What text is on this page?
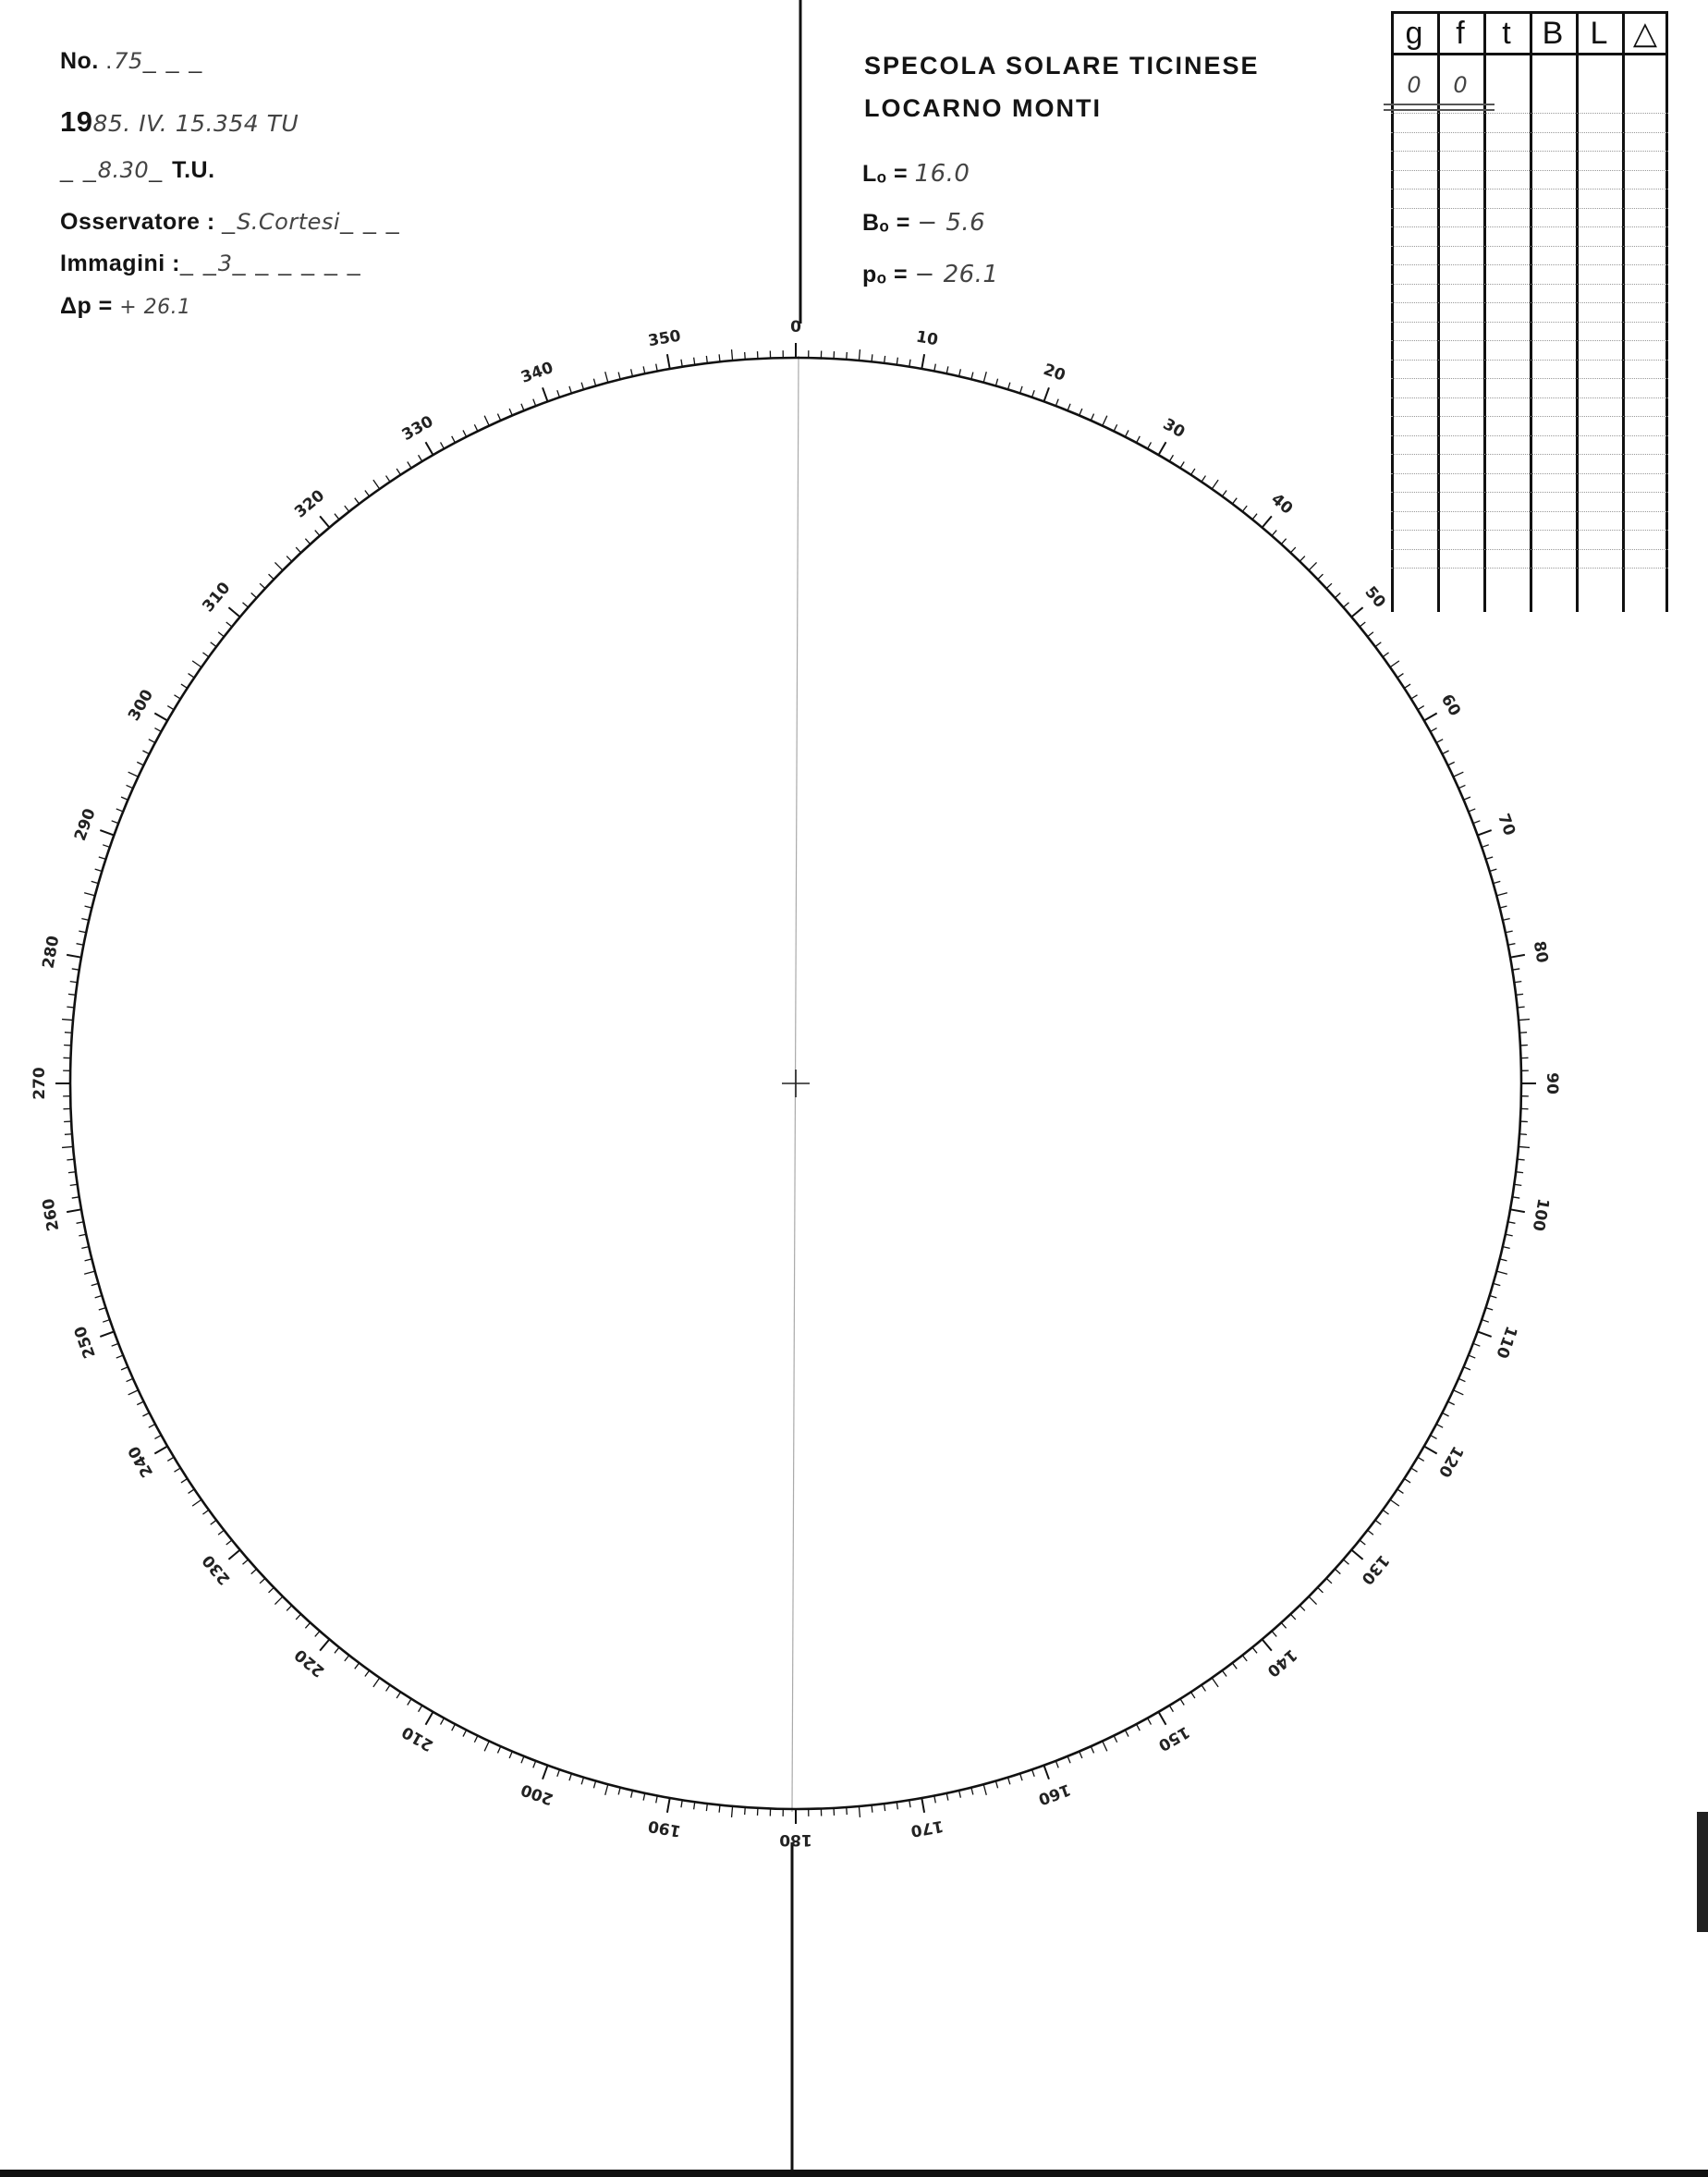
No. .75_ _ _
1985. IV. 15.354 TU
_ _8.30_ T.U.
Osservatore : _S.Cortesi_ _ _
Immagini :_ _3_ _ _ _ _ _
Δp = + 26.1
SPECOLA SOLARE TICINESE
LOCARNO MONTI
Lₒ = 16.0
Bₒ = − 5.6
pₒ = − 26.1
g	f	t B L △
0	0
0
10
20
30
40
50
60
70
80
90
100
110
120
130
140
150
160
170
180
190
200
210
220
230
240
250
260
270
280
290
300
310
320
330
340
350
